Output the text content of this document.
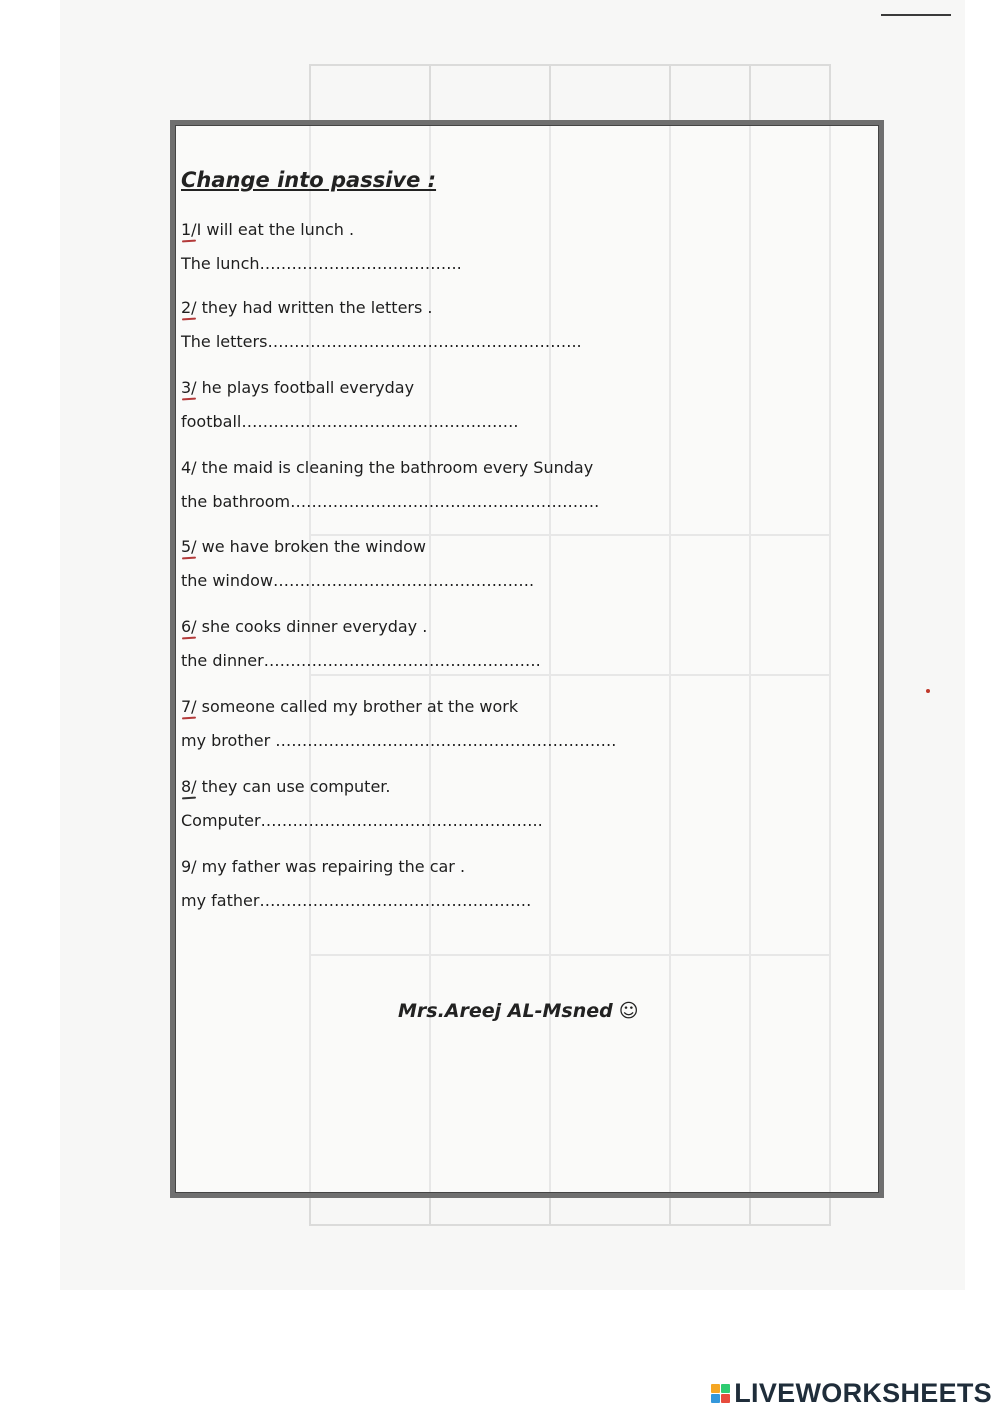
Change into passive :
1/I will eat the lunch .
The lunch………………………………..
2/ they had written the letters .
The letters…………………………………………………..
3/ he plays football everyday
football…………………………………………….
4/ the maid is cleaning the bathroom every Sunday
the bathroom………………………………………………….
5/ we have broken the window
the window………………………………………….
6/ she cooks dinner everyday .
the dinner…………………………………………….
7/ someone called my brother at the work
my brother ……………………………………………………….
8/ they can use computer.
Computer……………………………………………..
9/ my father was repairing the car .
my father……………………………………………
Mrs.Areej AL-Msned ☺
LIVEWORKSHEETS
